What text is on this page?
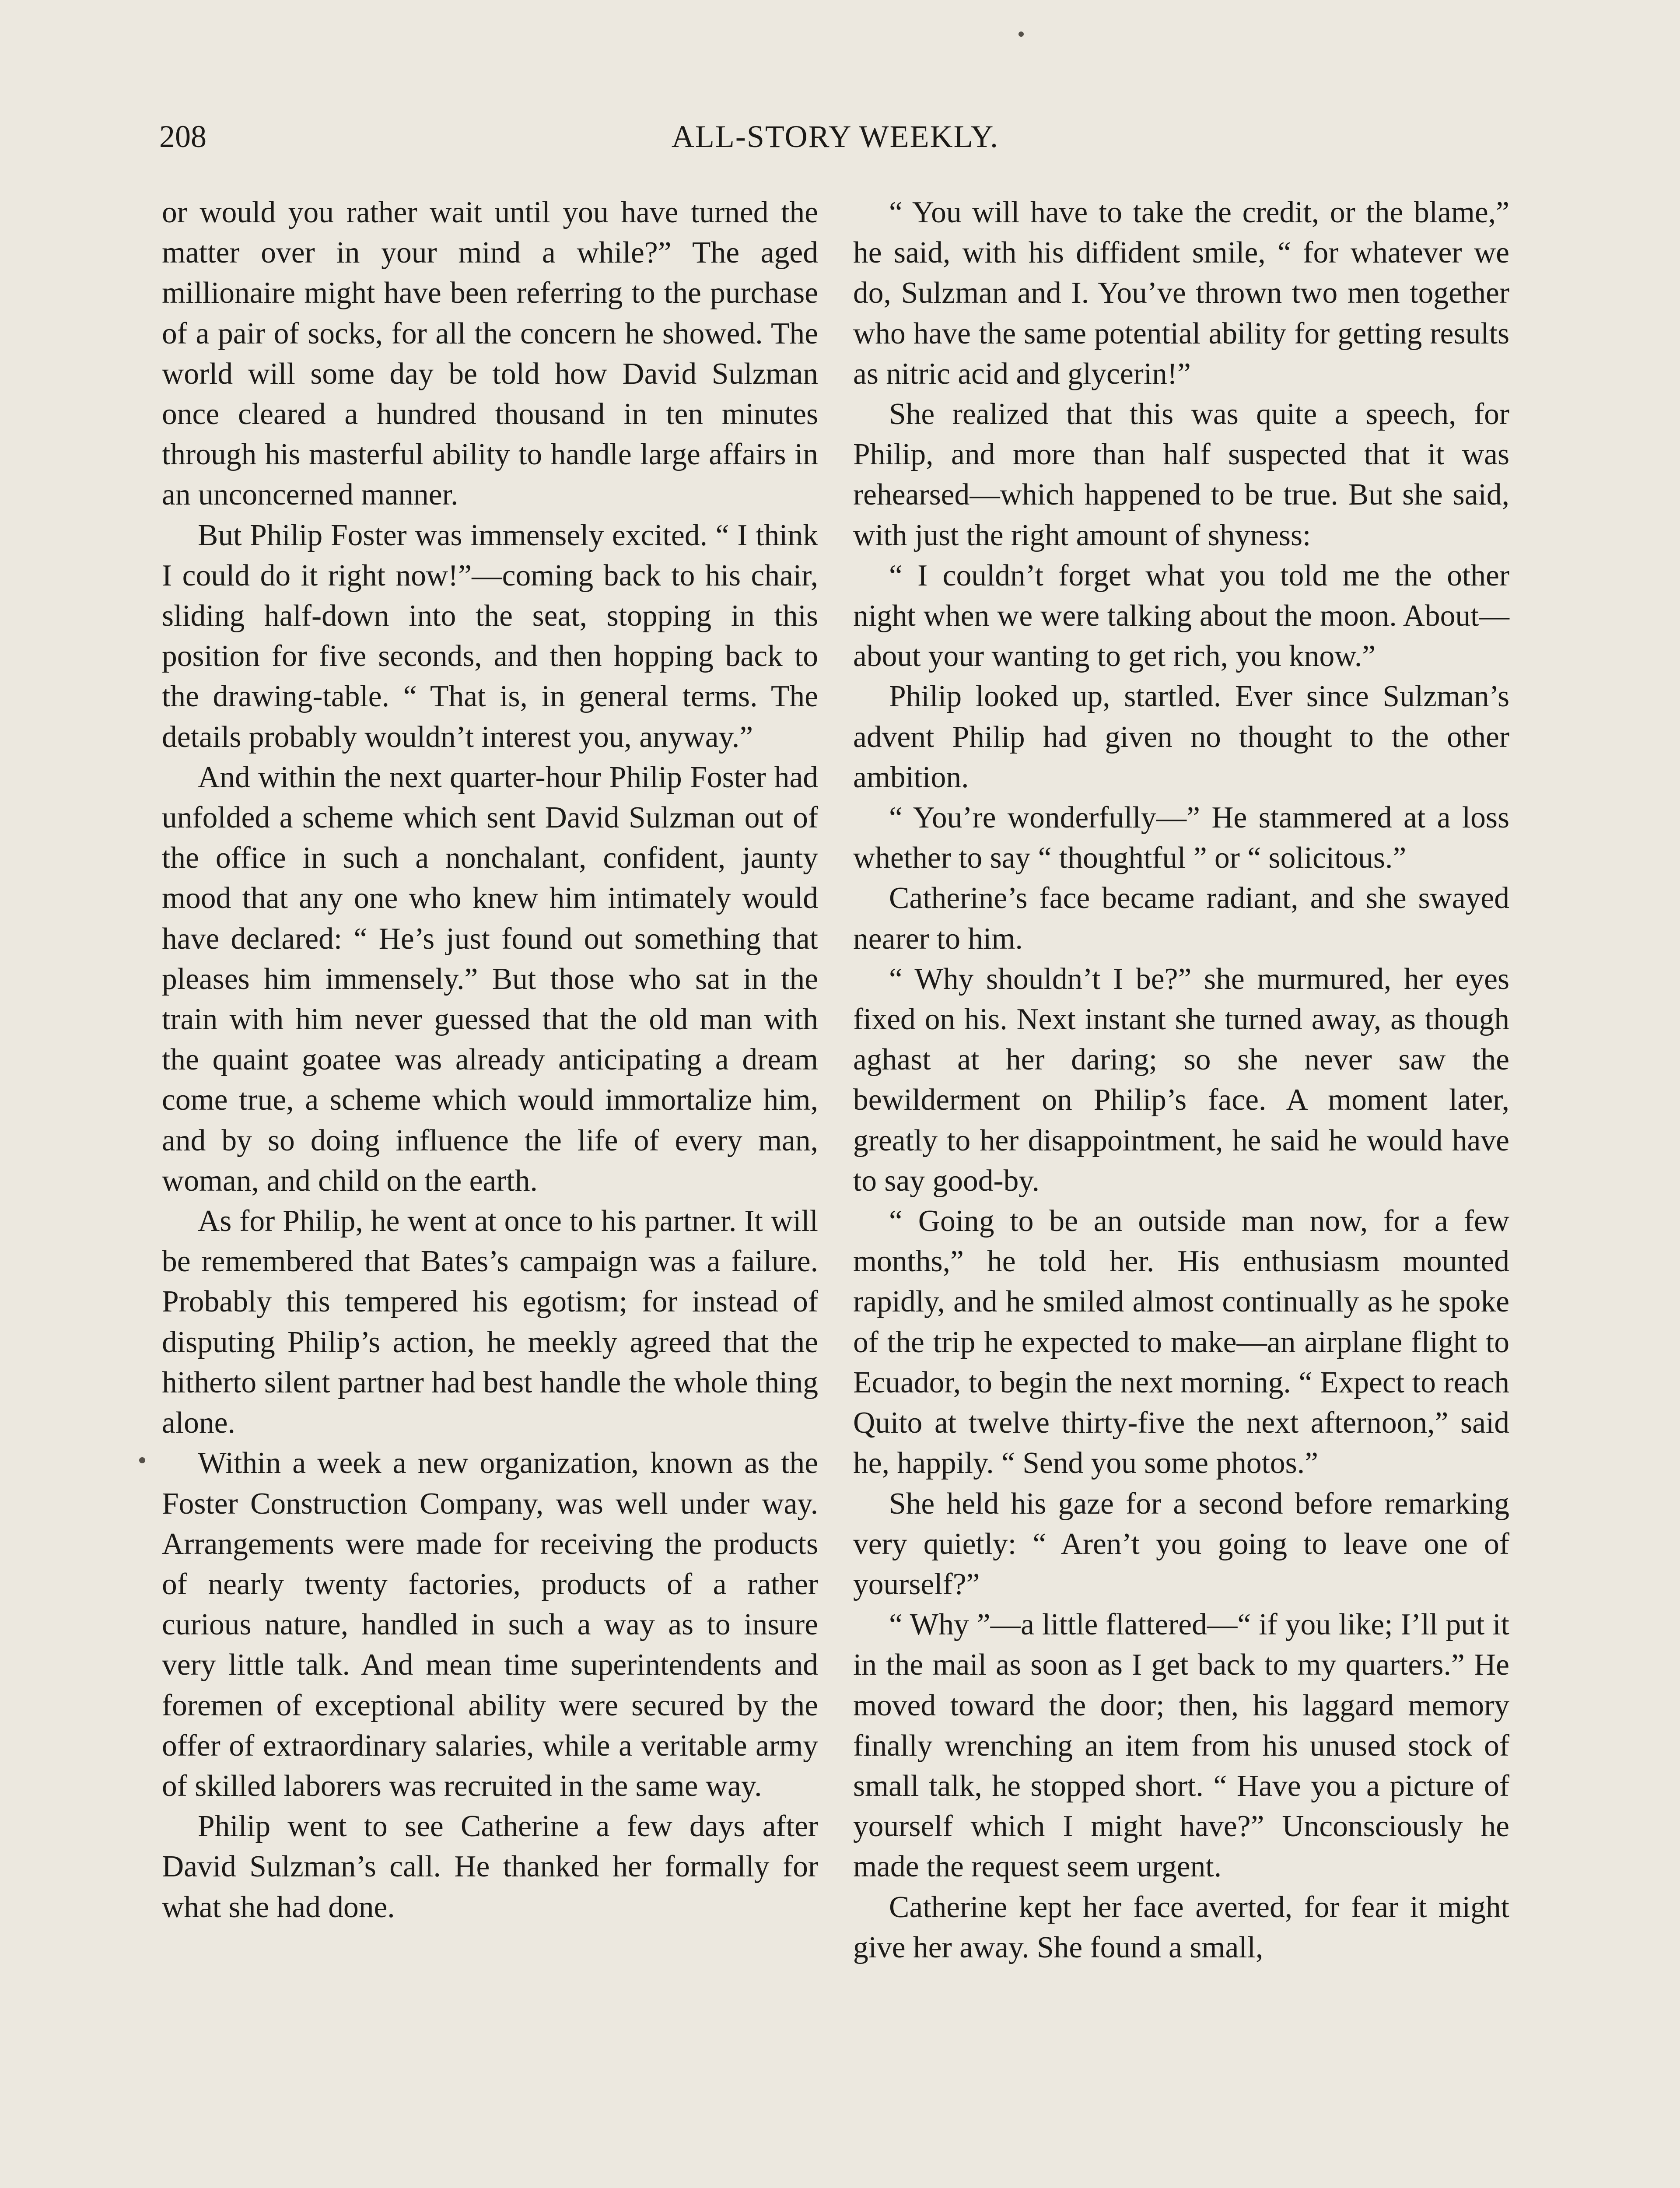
208	ALL-STORY WEEKLY.

or would you rather wait until you have turned the matter over in your mind a while?” The aged millionaire might have been referring to the purchase of a pair of socks, for all the concern he showed. The world will some day be told how David Sulzman once cleared a hundred thousand in ten minutes through his masterful ability to handle large affairs in an unconcerned manner.

But Philip Foster was immensely excited. “ I think I could do it right now!”—coming back to his chair, sliding half-down into the seat, stopping in this position for five seconds, and then hopping back to the drawing-table. “ That is, in general terms. The details probably wouldn’t interest you, anyway.”

And within the next quarter-hour Philip Foster had unfolded a scheme which sent David Sulzman out of the office in such a nonchalant, confident, jaunty mood that any one who knew him intimately would have declared: “ He’s just found out something that pleases him immensely.” But those who sat in the train with him never guessed that the old man with the quaint goatee was already anticipating a dream come true, a scheme which would immortalize him, and by so doing influence the life of every man, woman, and child on the earth.

As for Philip, he went at once to his partner. It will be remembered that Bates’s campaign was a failure. Probably this tempered his egotism; for instead of disputing Philip’s action, he meekly agreed that the hitherto silent partner had best handle the whole thing alone.

Within a week a new organization, known as the Foster Construction Company, was well under way. Arrangements were made for receiving the products of nearly twenty factories, products of a rather curious nature, handled in such a way as to insure very little talk. And mean time superintendents and foremen of exceptional ability were secured by the offer of extraordinary salaries, while a veritable army of skilled laborers was recruited in the same way.

Philip went to see Catherine a few days after David Sulzman’s call. He thanked her formally for what she had done.

“ You will have to take the credit, or the blame,” he said, with his diffident smile, “ for whatever we do, Sulzman and I. You’ve thrown two men together who have the same potential ability for getting results as nitric acid and glycerin!”

She realized that this was quite a speech, for Philip, and more than half suspected that it was rehearsed—which happened to be true. But she said, with just the right amount of shyness:

“ I couldn’t forget what you told me the other night when we were talking about the moon. About—about your wanting to get rich, you know.”

Philip looked up, startled. Ever since Sulzman’s advent Philip had given no thought to the other ambition.

“ You’re wonderfully—” He stammered at a loss whether to say “ thoughtful ” or “ solicitous.”

Catherine’s face became radiant, and she swayed nearer to him.

“ Why shouldn’t I be?” she murmured, her eyes fixed on his. Next instant she turned away, as though aghast at her daring; so she never saw the bewilderment on Philip’s face. A moment later, greatly to her disappointment, he said he would have to say good-by.

“ Going to be an outside man now, for a few months,” he told her. His enthusiasm mounted rapidly, and he smiled almost continually as he spoke of the trip he expected to make—an airplane flight to Ecuador, to begin the next morning. “ Expect to reach Quito at twelve thirty-five the next afternoon,” said he, happily. “ Send you some photos.”

She held his gaze for a second before remarking very quietly: “ Aren’t you going to leave one of yourself?”

“ Why ”—a little flattered—“ if you like; I’ll put it in the mail as soon as I get back to my quarters.” He moved toward the door; then, his laggard memory finally wrenching an item from his unused stock of small talk, he stopped short. “ Have you a picture of yourself which I might have?” Unconsciously he made the request seem urgent.

Catherine kept her face averted, for fear it might give her away. She found a small,
